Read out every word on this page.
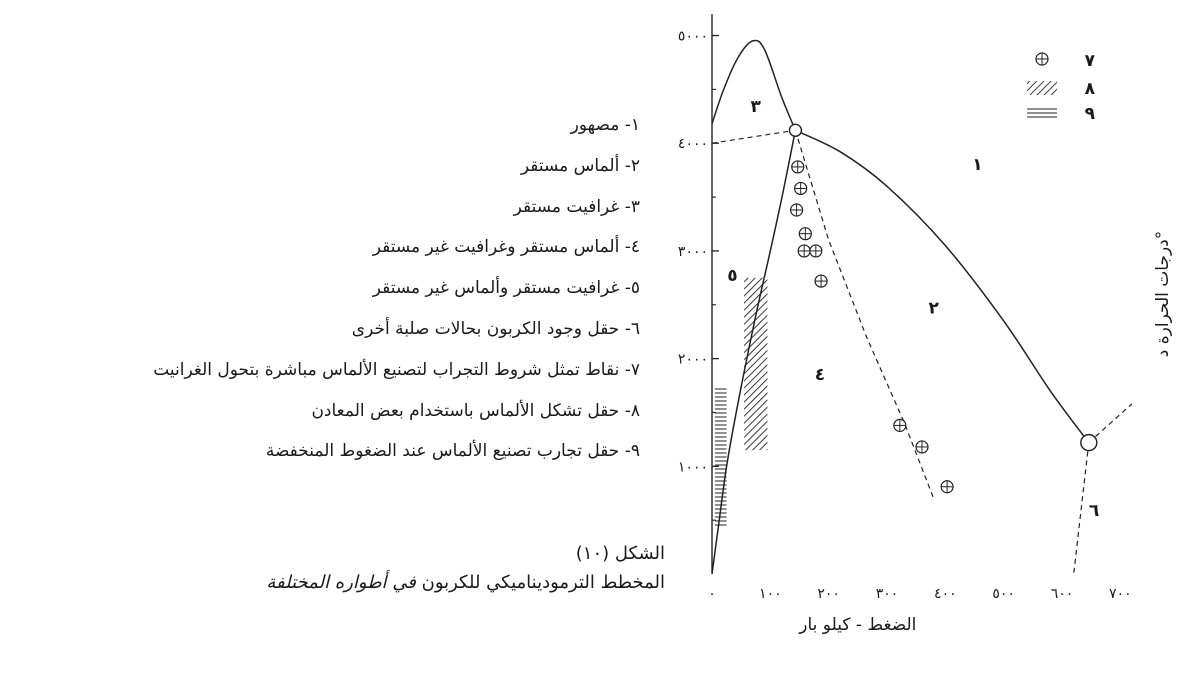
١- مصهور
٢- ألماس مستقر
٣- غرافيت مستقر
٤- ألماس مستقر وغرافيت غير مستقر
٥- غرافيت مستقر وألماس غير مستقر
٦- حقل وجود الكربون بحالات صلبة أخرى
٧- نقاط تمثل شروط التجراب لتصنيع الألماس مباشرة بتحول الغرانيت
٨- حقل تشكل الألماس باستخدام بعض المعادن
٩- حقل تجارب تصنيع الألماس عند الضغوط المنخفضة
الشكل (١٠)
المخطط الترموديناميكي للكربون في أطواره المختلفة
١٠٠٠
٢٠٠٠
٣٠٠٠
٤٠٠٠
٥٠٠٠
٠	١٠٠	٢٠٠	٣٠٠	٤٠٠	٥٠٠	٦٠٠	٧٠٠
الضغط - كيلو بار
درجات الحرارة د°
١
٢
٣
٤
٥
٦
٧
٨
٩
